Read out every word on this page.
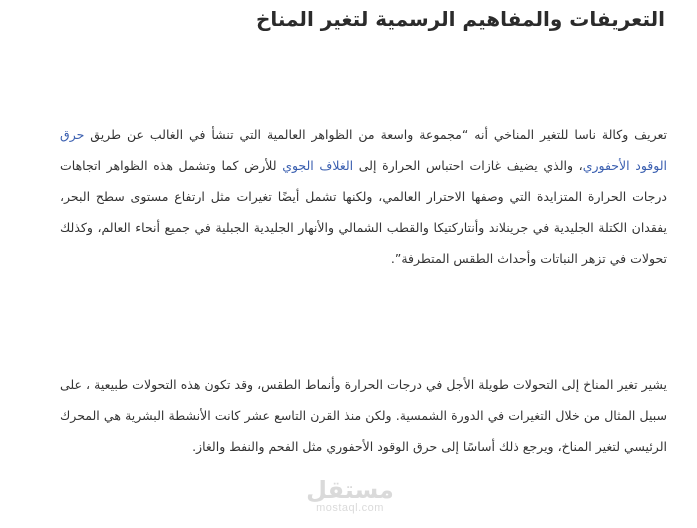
التعريفات والمفاهيم الرسمية لتغير المناخ

تعريف وكالة ناسا للتغير المناخي أنه “مجموعة واسعة من الظواهر العالمية التي تنشأ في الغالب عن طريق حرق الوقود الأحفوري، والذي يضيف غازات احتباس الحرارة إلى الغلاف الجوي للأرض كما وتشمل هذه الظواهر اتجاهات درجات الحرارة المتزايدة التي وصفها الاحترار العالمي، ولكنها تشمل أيضًا تغيرات مثل ارتفاع مستوى سطح البحر، يفقدان الكتلة الجليدية في جرينلاند وأنتاركتيكا والقطب الشمالي والأنهار الجليدية الجبلية في جميع أنحاء العالم، وكذلك تحولات في تزهر النباتات وأحداث الطقس المتطرفة”.

يشير تغير المناخ إلى التحولات طويلة الأجل في درجات الحرارة وأنماط الطقس، وقد تكون هذه التحولات طبيعية ، على سبيل المثال من خلال التغيرات في الدورة الشمسية. ولكن منذ القرن التاسع عشر كانت الأنشطة البشرية هي المحرك الرئيسي لتغير المناخ، ويرجع ذلك أساسًا إلى حرق الوقود الأحفوري مثل الفحم والنفط والغاز.

مستقل
mostaql.com
